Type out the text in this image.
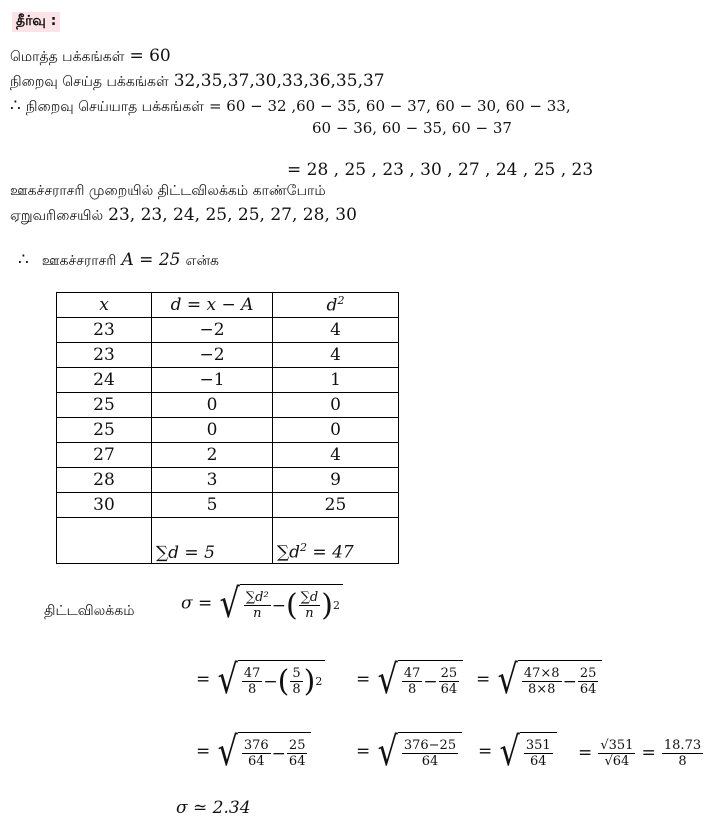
தீர்வு :
மொத்த பக்கங்கள் = 60
நிறைவு செய்த பக்கங்கள் 32,35,37,30,33,36,35,37
∴ நிறைவு செய்யாத பக்கங்கள் = 60 − 32 ,60 − 35, 60 − 37, 60 − 30, 60 − 33,
60 − 36, 60 − 35, 60 − 37
= 28 , 25 , 23 , 30 , 27 , 24 , 25 , 23
ஊகச்சராசரி முறையில் திட்டவிலக்கம் காண்போம்
ஏறுவரிசையில் 23, 23, 24, 25, 25, 27, 28, 30
∴ ஊகச்சராசரி A = 25 என்க
x	d = x − A	$d^2$
23	−2	4
23	−2	4
24	−1	1
25	0	0
25	0	0
27	2	4
28	3	9
30	5	25
	∑d = 5	$\sum d^2 = 47$
திட்டவிலக்கம்	σ = √ $\frac{\text{∑d²}}{n}$ − ( $\frac{\sum d}{n}$ ) 2
= √ $\frac{47}{8}$ − ( $\frac{5}{8}$ ) 2 = √ $\frac{47}{8} - \frac{25}{64}$ = √ $\frac{47\times 8}{8\times 8} - \frac{25}{64}$
= √ $\frac{376}{64} - \frac{25}{64}$	= √ $\frac{376-25}{64}$ = √ $\frac{351}{64} = \frac{√351}{√64} = \frac{18.73}{8}$
σ ≃ 2.34
